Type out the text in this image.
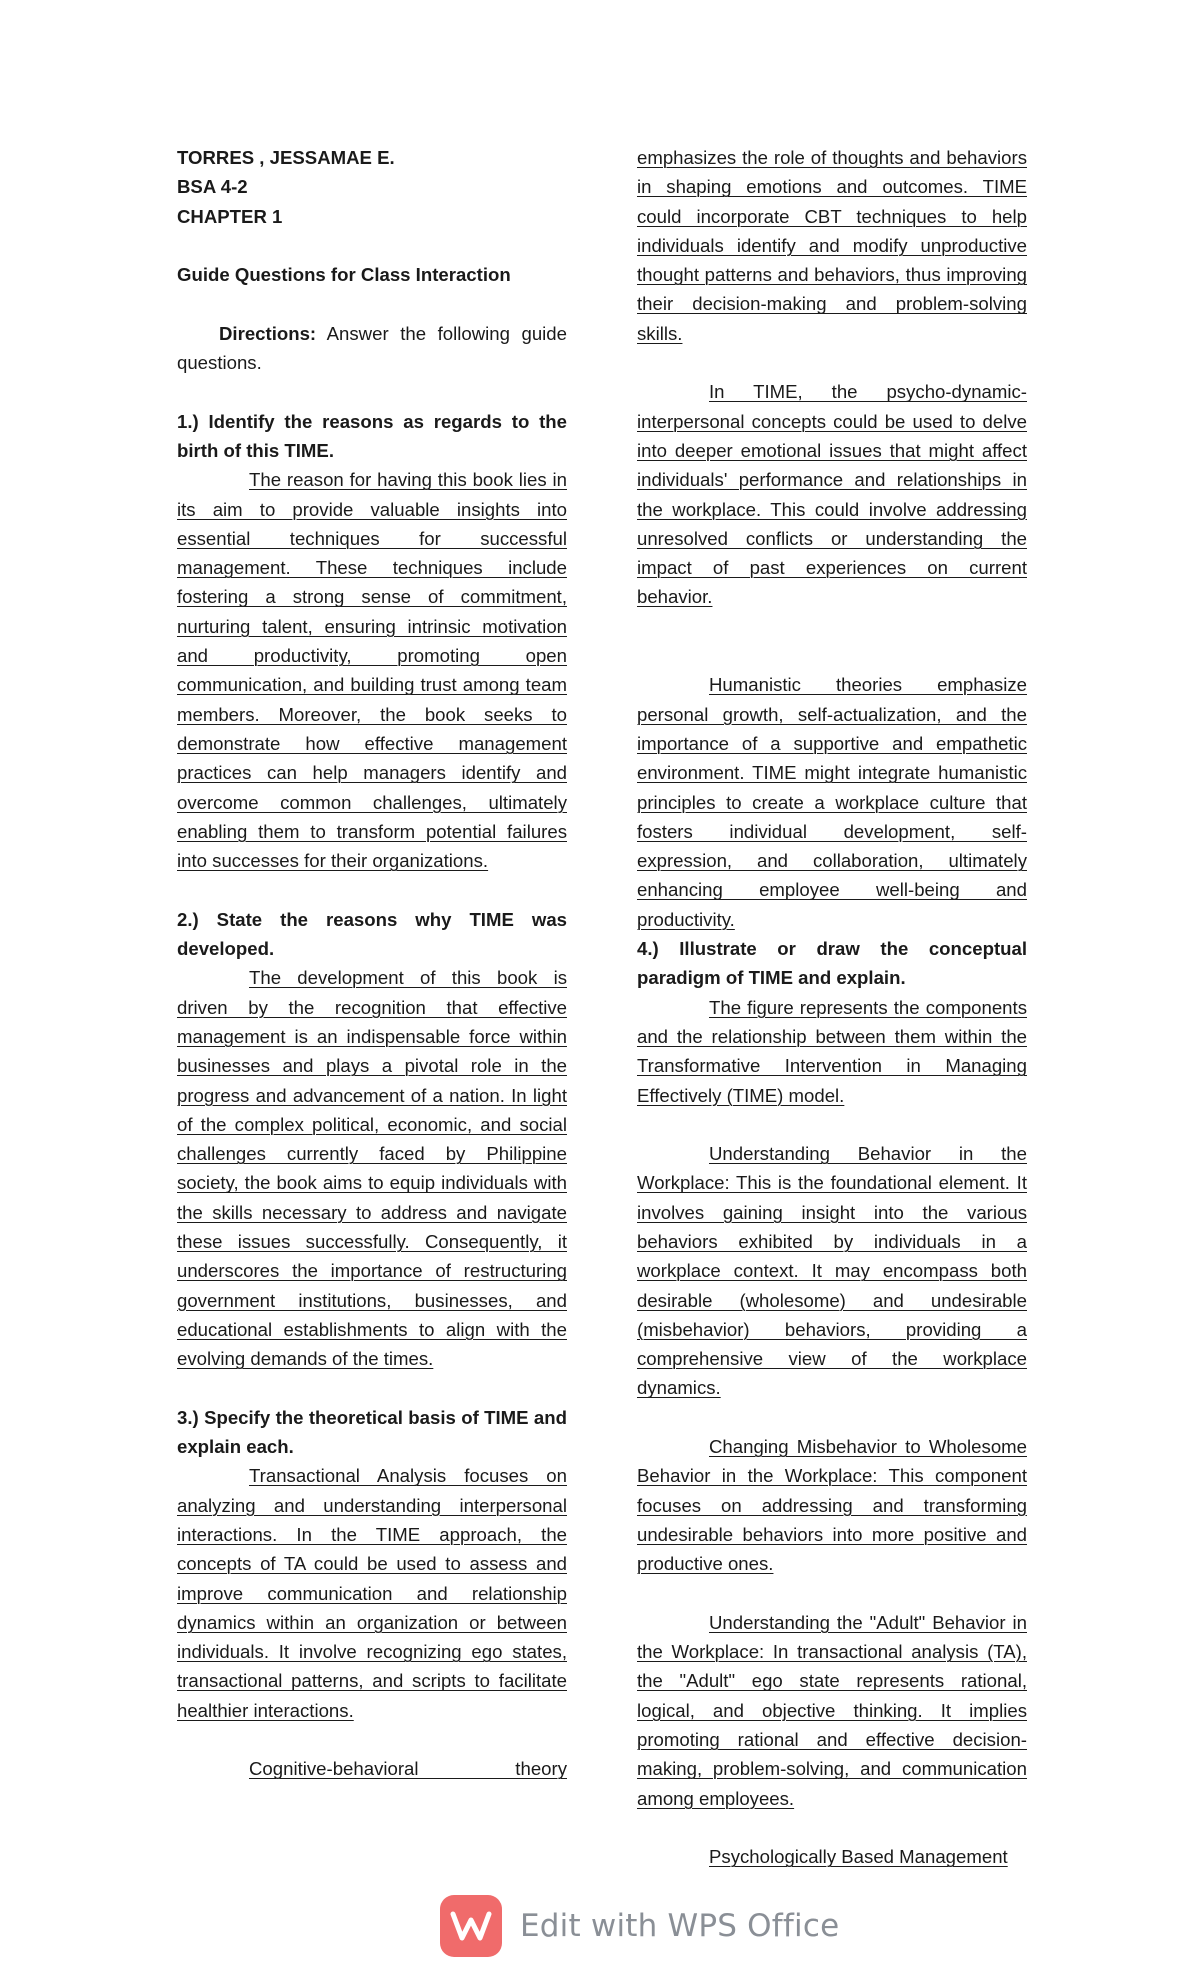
TORRES , JESSAMAE E.

BSA 4-2

CHAPTER 1

Guide Questions for Class Interaction

Directions: Answer the following guide questions.

1.) Identify the reasons as regards to the birth of this TIME.

The reason for having this book lies in its aim to provide valuable insights into essential techniques for successful management. These techniques include fostering a strong sense of commitment, nurturing talent, ensuring intrinsic motivation and productivity, promoting open communication, and building trust among team members. Moreover, the book seeks to demonstrate how effective management practices can help managers identify and overcome common challenges, ultimately enabling them to transform potential failures into successes for their organizations.

2.) State the reasons why TIME was developed.

The development of this book is driven by the recognition that effective management is an indispensable force within businesses and plays a pivotal role in the progress and advancement of a nation. In light of the complex political, economic, and social challenges currently faced by Philippine society, the book aims to equip individuals with the skills necessary to address and navigate these issues successfully. Consequently, it underscores the importance of restructuring government institutions, businesses, and educational establishments to align with the evolving demands of the times.

3.) Specify the theoretical basis of TIME and explain each.

Transactional Analysis focuses on analyzing and understanding interpersonal interactions. In the TIME approach, the concepts of TA could be used to assess and improve communication and relationship dynamics within an organization or between individuals. It involve recognizing ego states, transactional patterns, and scripts to facilitate healthier interactions.

Cognitive-behavioral theory

emphasizes the role of thoughts and behaviors in shaping emotions and outcomes. TIME could incorporate CBT techniques to help individuals identify and modify unproductive thought patterns and behaviors, thus improving their decision-making and problem-solving skills.

In TIME, the psycho-dynamic-interpersonal concepts could be used to delve into deeper emotional issues that might affect individuals' performance and relationships in the workplace. This could involve addressing unresolved conflicts or understanding the impact of past experiences on current behavior.

Humanistic theories emphasize personal growth, self-actualization, and the importance of a supportive and empathetic environment. TIME might integrate humanistic principles to create a workplace culture that fosters individual development, self-expression, and collaboration, ultimately enhancing employee well-being and productivity.

4.) Illustrate or draw the conceptual paradigm of TIME and explain.

The figure represents the components and the relationship between them within the Transformative Intervention in Managing Effectively (TIME) model.

Understanding Behavior in the Workplace: This is the foundational element. It involves gaining insight into the various behaviors exhibited by individuals in a workplace context. It may encompass both desirable (wholesome) and undesirable (misbehavior) behaviors, providing a comprehensive view of the workplace dynamics.

Changing Misbehavior to Wholesome Behavior in the Workplace: This component focuses on addressing and transforming undesirable behaviors into more positive and productive ones.

Understanding the "Adult" Behavior in the Workplace: In transactional analysis (TA), the "Adult" ego state represents rational, logical, and objective thinking. It implies promoting rational and effective decision-making, problem-solving, and communication among employees.

Psychologically Based Management

Edit with WPS Office
